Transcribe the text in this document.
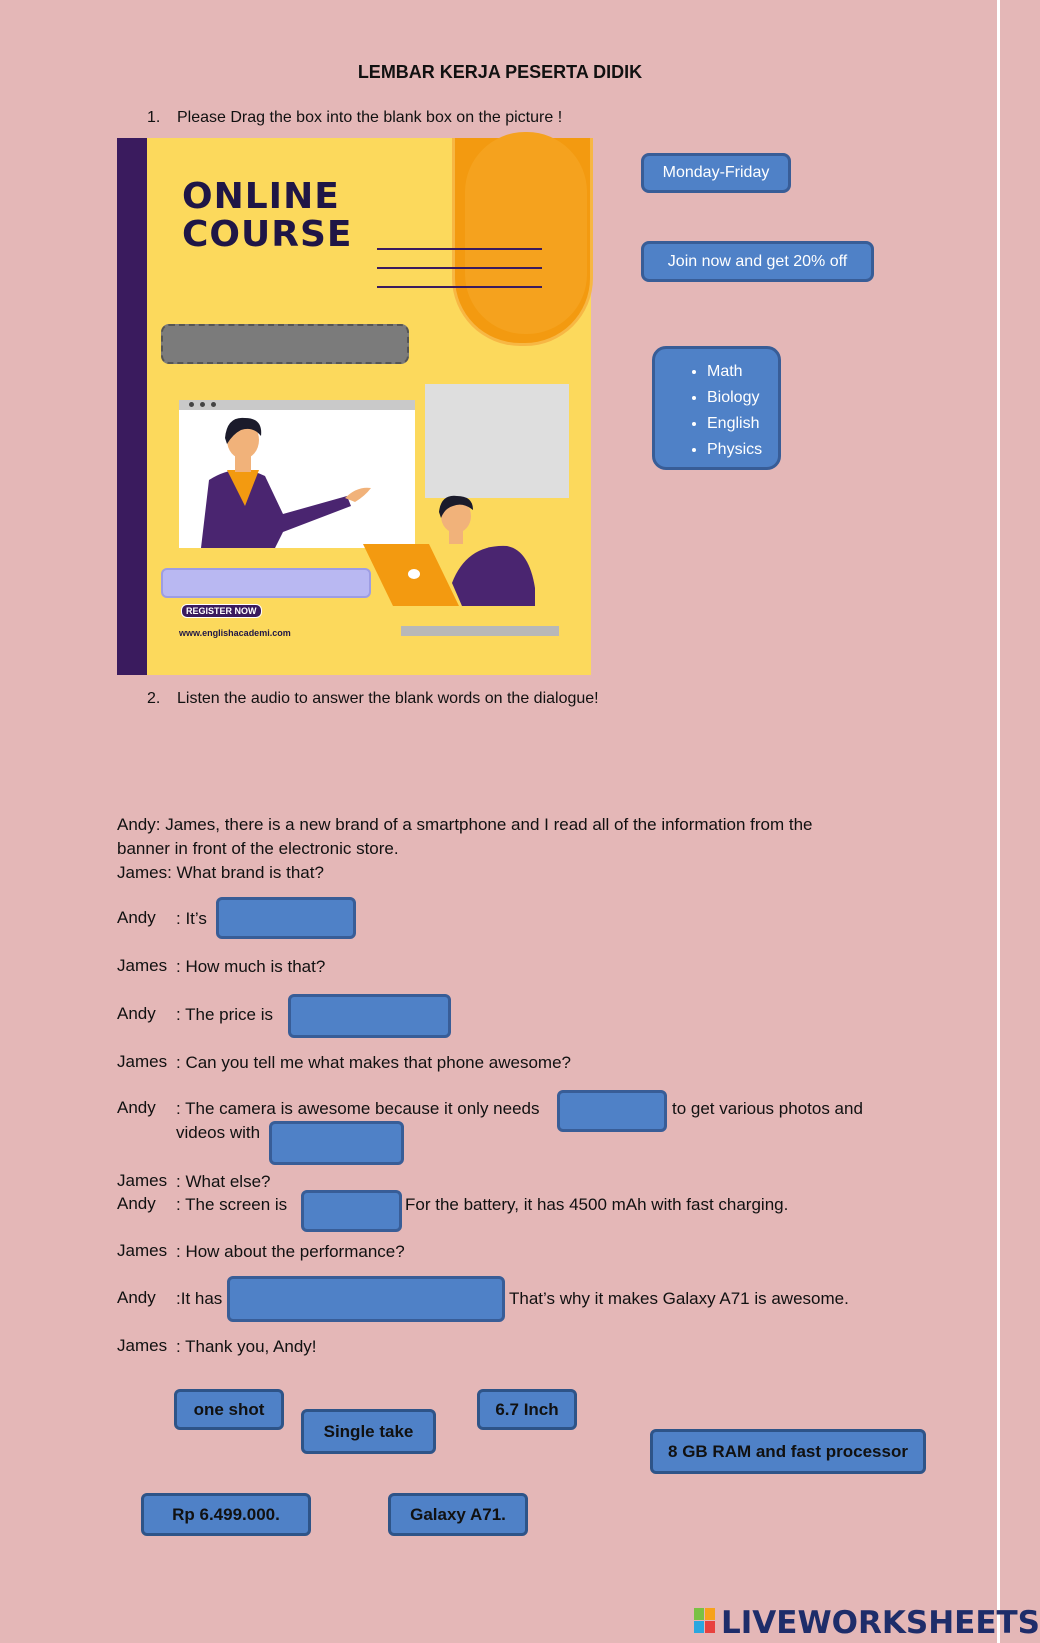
LEMBAR KERJA PESERTA DIDIK
1. Please Drag the box into the blank box on the picture !
ONLINE
COURSE
REGISTER NOW
www.englishacademi.com
Monday-Friday
Join now and get 20% off
• Math
• Biology
• English
• Physics
2. Listen the audio to answer the blank words on the dialogue!
Andy: James, there is a new brand of a smartphone and I read all of the information from the
banner in front of the electronic store.
James: What brand is that?
Andy : It’s
James : How much is that?
Andy : The price is
James : Can you tell me what makes that phone awesome?
Andy : The camera is awesome because it only needs	to get various photos and
videos with
James : What else?
Andy : The screen is	For the battery, it has 4500 mAh with fast charging.
James : How about the performance?
Andy :It has	That’s why it makes Galaxy A71 is awesome.
James : Thank you, Andy!
one shot
Single take
6.7 Inch
8 GB RAM and fast processor
Rp 6.499.000.	Galaxy A71.
LIVEWORKSHEETS
